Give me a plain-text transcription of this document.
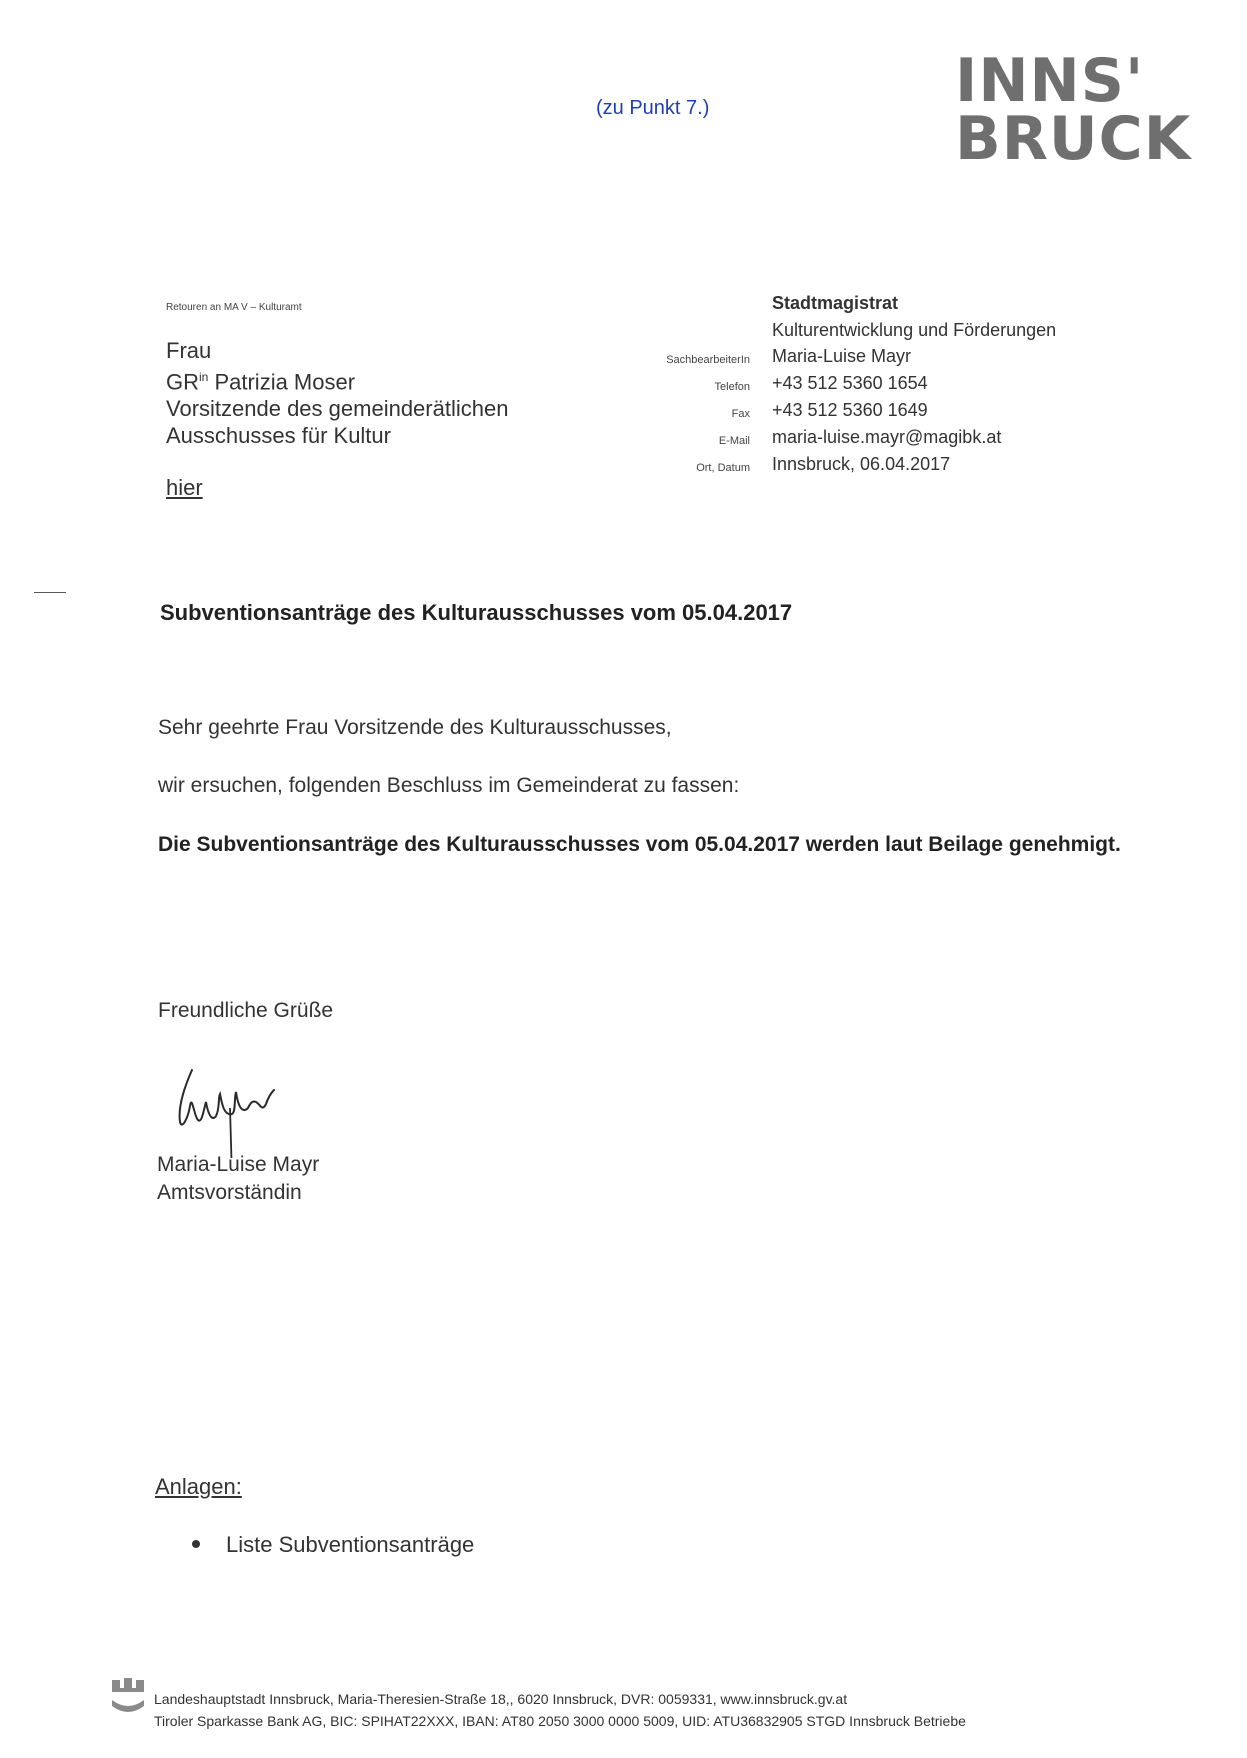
(zu Punkt 7.)	INNS'
BRUCK
Retouren an MA V – Kulturamt
Frau
$GR^{in}$ Patrizia Moser
Vorsitzende des gemeinderätlichen
Ausschusses für Kultur
hier
Stadtmagistrat
Kulturentwicklung und Förderungen
SachbearbeiterIn Maria-Luise Mayr
Telefon +43 512 5360 1654
Fax +43 512 5360 1649
E-Mail maria-luise.mayr@magibk.at
Ort, Datum Innsbruck, 06.04.2017
Subventionsanträge des Kulturausschusses vom 05.04.2017
Sehr geehrte Frau Vorsitzende des Kulturausschusses,
wir ersuchen, folgenden Beschluss im Gemeinderat zu fassen:
Die Subventionsanträge des Kulturausschusses vom 05.04.2017 werden laut Beilage genehmigt.
Freundliche Grüße
Maria-Luise Mayr
Amtsvorständin
Anlagen:
Liste Subventionsanträge
Landeshauptstadt Innsbruck, Maria-Theresien-Straße 18,, 6020 Innsbruck, DVR: 0059331, www.innsbruck.gv.at
Tiroler Sparkasse Bank AG, BIC: SPIHAT22XXX, IBAN: AT80 2050 3000 0000 5009, UID: ATU36832905 STGD Innsbruck Betriebe
